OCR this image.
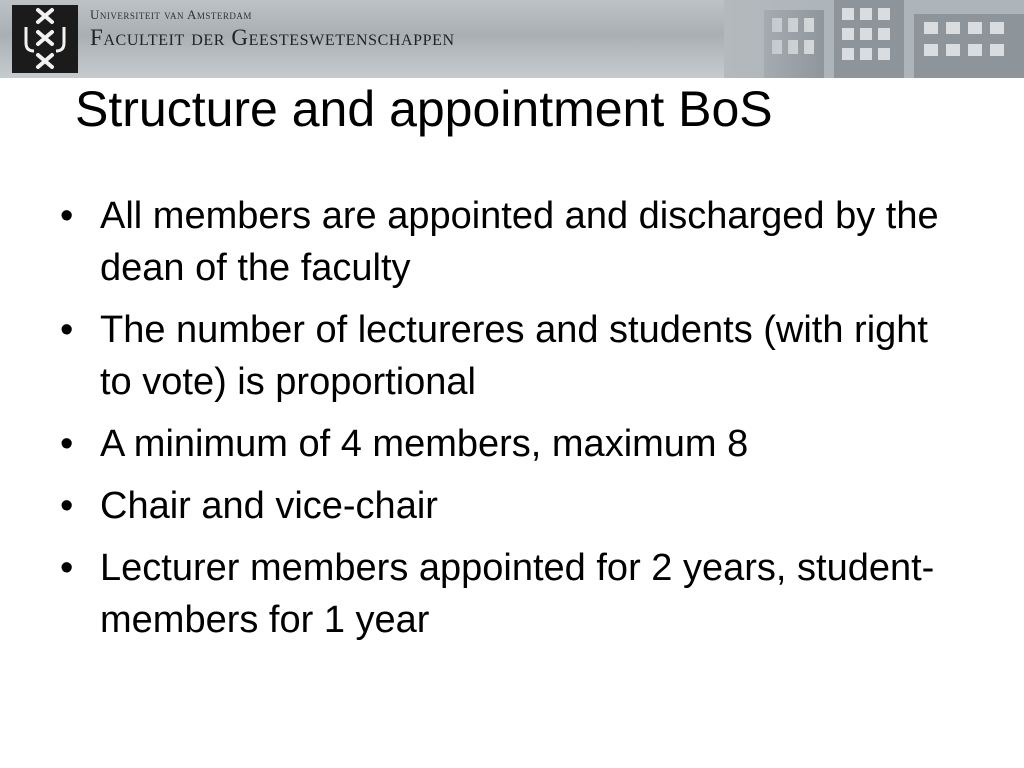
Universiteit van Amsterdam
Faculteit der Geesteswetenschappen
Structure and appointment BoS
• All members are appointed and discharged by the dean of the faculty
• The number of lectureres and students (with right to vote) is proportional
• A minimum of 4 members, maximum 8
• Chair and vice-chair
• Lecturer members appointed for 2 years, student-members for 1 year
